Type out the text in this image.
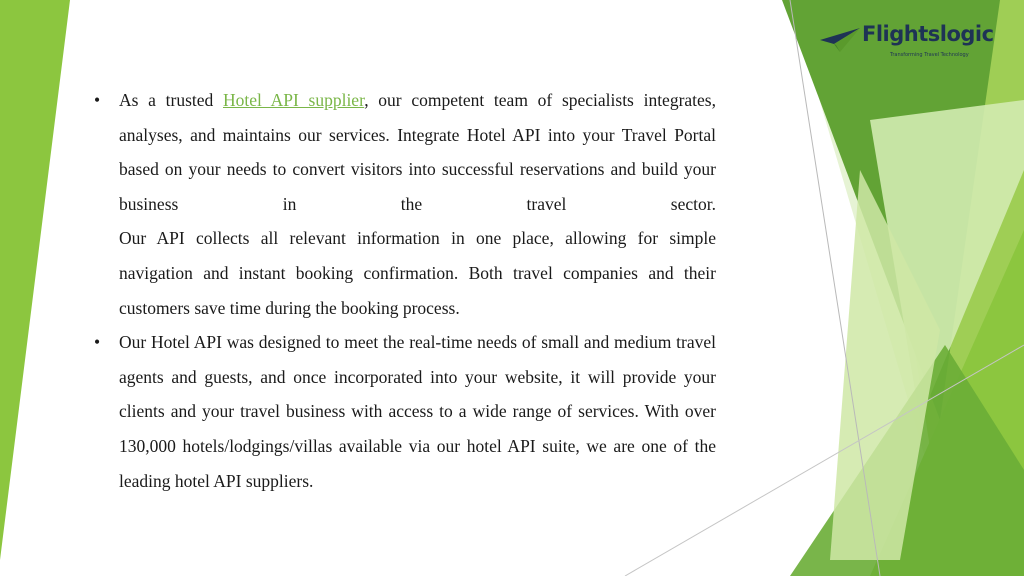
Flightslogic
Transforming Travel Technology
• As a trusted Hotel API supplier, our competent team of specialists integrates, analyses, and maintains our services. Integrate Hotel API into your Travel Portal based on your needs to convert visitors into successful reservations and build your business in the travel sector.
Our API collects all relevant information in one place, allowing for simple navigation and instant booking confirmation. Both travel companies and their customers save time during the booking process.
• Our Hotel API was designed to meet the real-time needs of small and medium travel agents and guests, and once incorporated into your website, it will provide your clients and your travel business with access to a wide range of services. With over 130,000 hotels/lodgings/villas available via our hotel API suite, we are one of the leading hotel API suppliers.
